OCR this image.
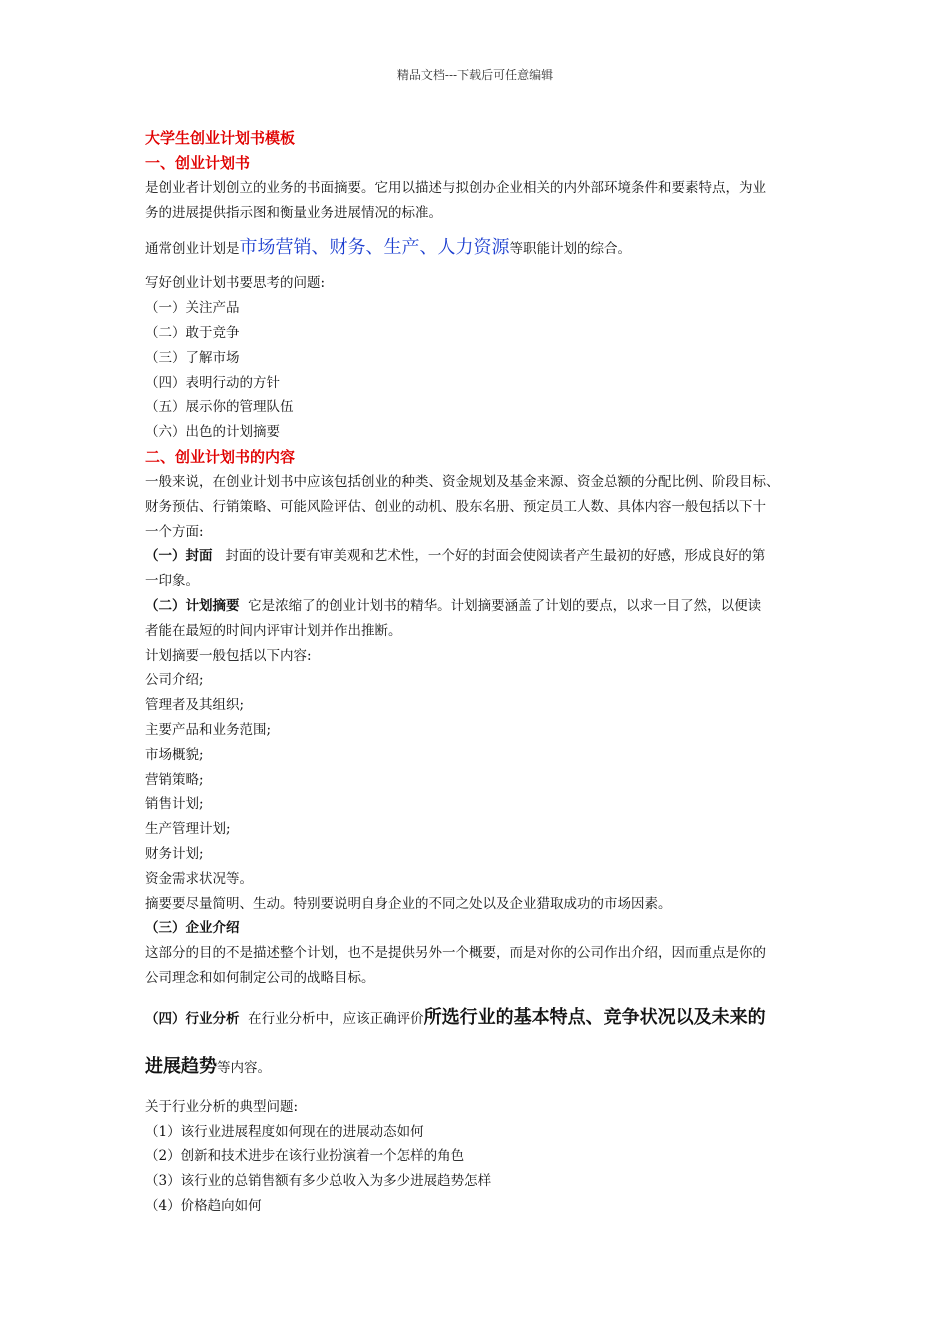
精品文档---下载后可任意编辑
大学生创业计划书模板
一、创业计划书
是创业者计划创立的业务的书面摘要。它用以描述与拟创办企业相关的内外部环境条件和要素特点，为业
务的进展提供指示图和衡量业务进展情况的标准。
通常创业计划是市场营销、财务、生产、人力资源等职能计划的综合。
写好创业计划书要思考的问题:
（一）关注产品
（二）敢于竞争
（三）了解市场
（四）表明行动的方针
（五）展示你的管理队伍
（六）出色的计划摘要
二、创业计划书的内容
一般来说，在创业计划书中应该包括创业的种类、资金规划及基金来源、资金总额的分配比例、阶段目标、
财务预估、行销策略、可能风险评估、创业的动机、股东名册、预定员工人数、具体内容一般包括以下十
一个方面:
（一）封面 封面的设计要有审美观和艺术性，一个好的封面会使阅读者产生最初的好感，形成良好的第
一印象。
（二）计划摘要 它是浓缩了的创业计划书的精华。计划摘要涵盖了计划的要点，以求一目了然，以便读
者能在最短的时间内评审计划并作出推断。
计划摘要一般包括以下内容:
公司介绍;
管理者及其组织;
主要产品和业务范围;
市场概貌;
营销策略;
销售计划;
生产管理计划;
财务计划;
资金需求状况等。
摘要要尽量简明、生动。特别要说明自身企业的不同之处以及企业猎取成功的市场因素。
（三）企业介绍
这部分的目的不是描述整个计划，也不是提供另外一个概要，而是对你的公司作出介绍，因而重点是你的
公司理念和如何制定公司的战略目标。
（四）行业分析 在行业分析中，应该正确评价所选行业的基本特点、竞争状况以及未来的
进展趋势等内容。
关于行业分析的典型问题:
（1）该行业进展程度如何现在的进展动态如何
（2）创新和技术进步在该行业扮演着一个怎样的角色
（3）该行业的总销售额有多少总收入为多少进展趋势怎样
（4）价格趋向如何
